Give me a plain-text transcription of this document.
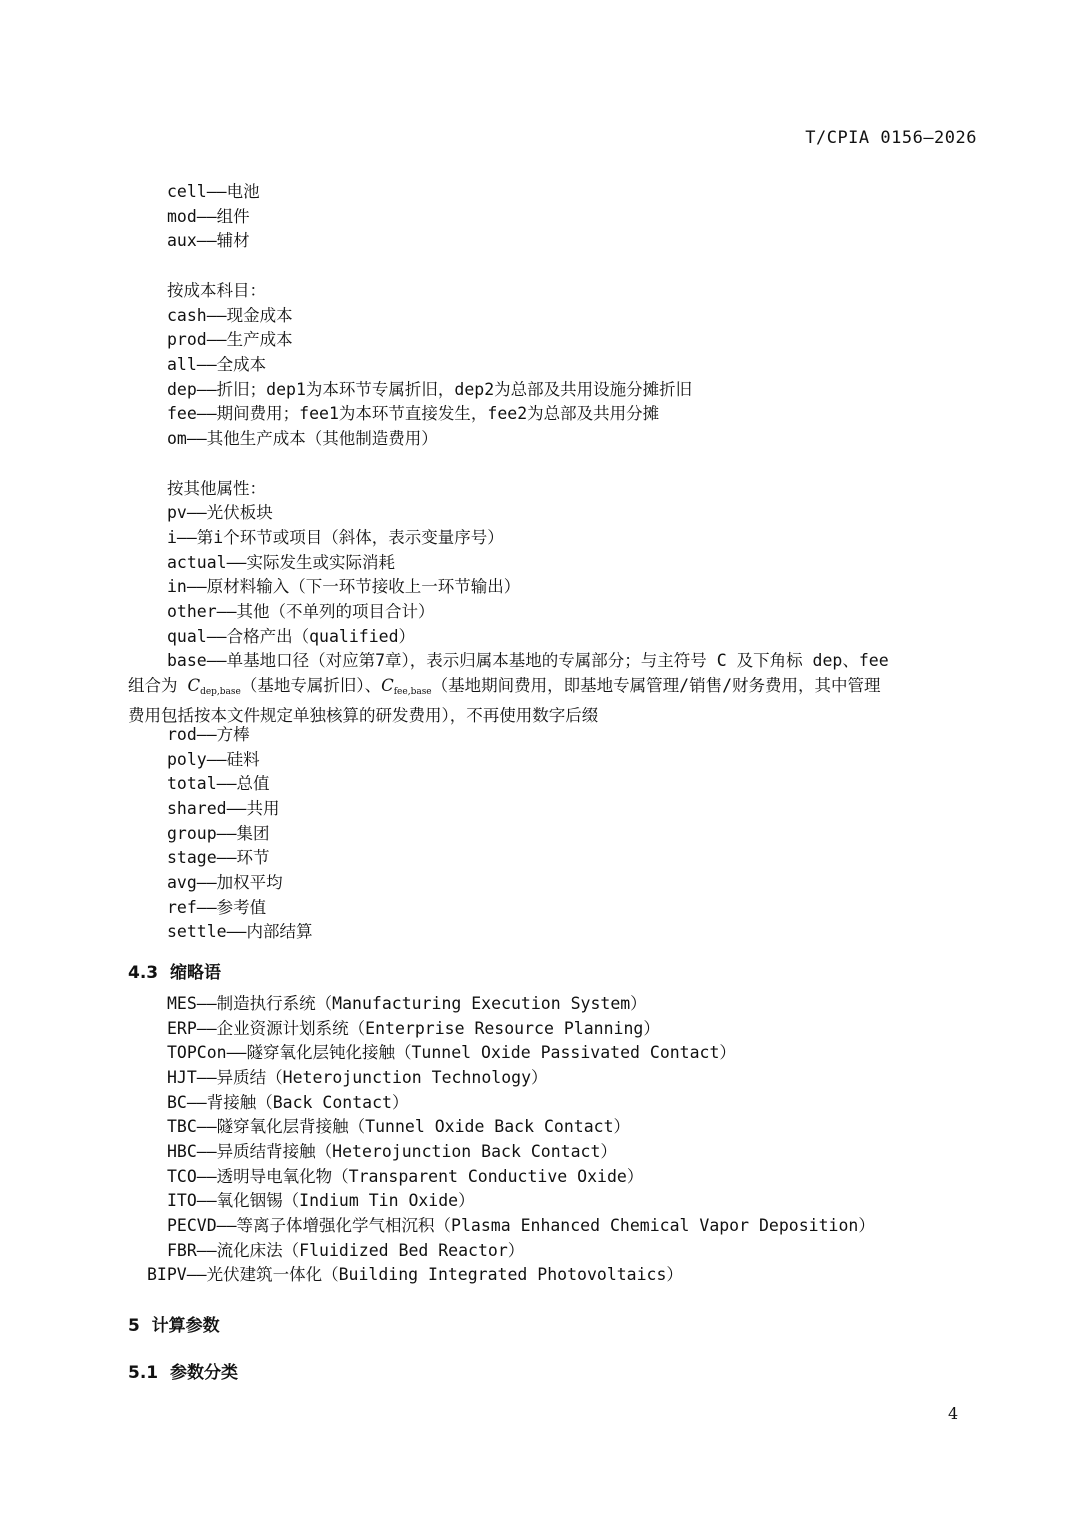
T/CPIA 0156—2026
cell——电池
mod——组件
aux——辅材
按成本科目：
cash——现金成本
prod——生产成本
all——全成本
dep——折旧；dep1为本环节专属折旧，dep2为总部及共用设施分摊折旧
fee——期间费用；fee1为本环节直接发生，fee2为总部及共用分摊
om——其他生产成本（其他制造费用）
按其他属性：
pv——光伏板块
i——第i个环节或项目（斜体，表示变量序号）
actual——实际发生或实际消耗
in——原材料输入（下一环节接收上一环节输出）
other——其他（不单列的项目合计）
qual——合格产出（qualified）
base——单基地口径（对应第7章），表示归属本基地的专属部分；与主符号 C 及下角标 dep、fee
组合为 $C_{dep,base}$（基地专属折旧）、$C_{fee,base}$（基地期间费用，即基地专属管理/销售/财务费用，其中管理
费用包括按本文件规定单独核算的研发费用），不再使用数字后缀
rod——方棒
poly——硅料
total——总值
shared——共用
group——集团
stage——环节
avg——加权平均
ref——参考值
settle——内部结算
4.3  缩略语
MES——制造执行系统（Manufacturing Execution System）
ERP——企业资源计划系统（Enterprise Resource Planning）
TOPCon——隧穿氧化层钝化接触（Tunnel Oxide Passivated Contact）
HJT——异质结（Heterojunction Technology）
BC——背接触（Back Contact）
TBC——隧穿氧化层背接触（Tunnel Oxide Back Contact）
HBC——异质结背接触（Heterojunction Back Contact）
TCO——透明导电氧化物（Transparent Conductive Oxide）
ITO——氧化铟锡（Indium Tin Oxide）
PECVD——等离子体增强化学气相沉积（Plasma Enhanced Chemical Vapor Deposition）
FBR——流化床法（Fluidized Bed Reactor）
BIPV——光伏建筑一体化（Building Integrated Photovoltaics）
5  计算参数
5.1  参数分类
4
